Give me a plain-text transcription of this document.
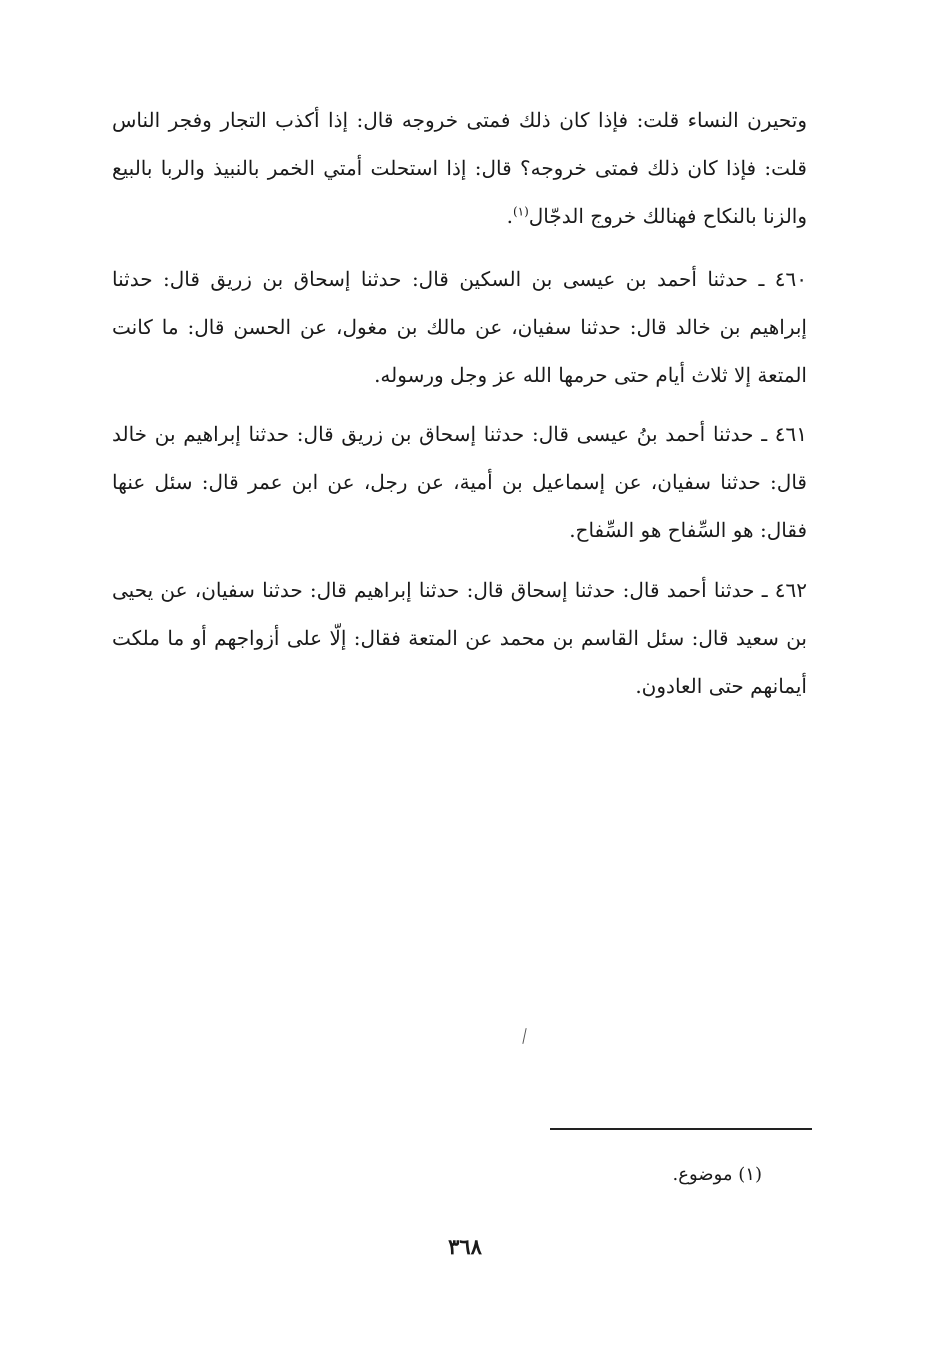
وتحيرن النساء قلت: فإذا كان ذلك فمتى خروجه قال: إذا أكذب التجار وفجر الناس قلت: فإذا كان ذلك فمتى خروجه؟ قال: إذا استحلت أمتي الخمر بالنبيذ والربا بالبيع والزنا بالنكاح فهنالك خروج الدجّال$^{(١)}$.
٤٦٠ ـ حدثنا أحمد بن عيسى بن السكين قال: حدثنا إسحاق بن زريق قال: حدثنا إبراهيم بن خالد قال: حدثنا سفيان، عن مالك بن مغول، عن الحسن قال: ما كانت المتعة إلا ثلاث أيام حتى حرمها الله عز وجل ورسوله.
٤٦١ ـ حدثنا أحمد بنُ عيسى قال: حدثنا إسحاق بن زريق قال: حدثنا إبراهيم بن خالد قال: حدثنا سفيان، عن إسماعيل بن أمية، عن رجل، عن ابن عمر قال: سئل عنها فقال: هو السِّفاح هو السِّفاح.
٤٦٢ ـ حدثنا أحمد قال: حدثنا إسحاق قال: حدثنا إبراهيم قال: حدثنا سفيان، عن يحيى بن سعيد قال: سئل القاسم بن محمد عن المتعة فقال: إلّا على أزواجهم أو ما ملكت أيمانهم حتى العادون.
(١) موضوع.
٣٦٨
